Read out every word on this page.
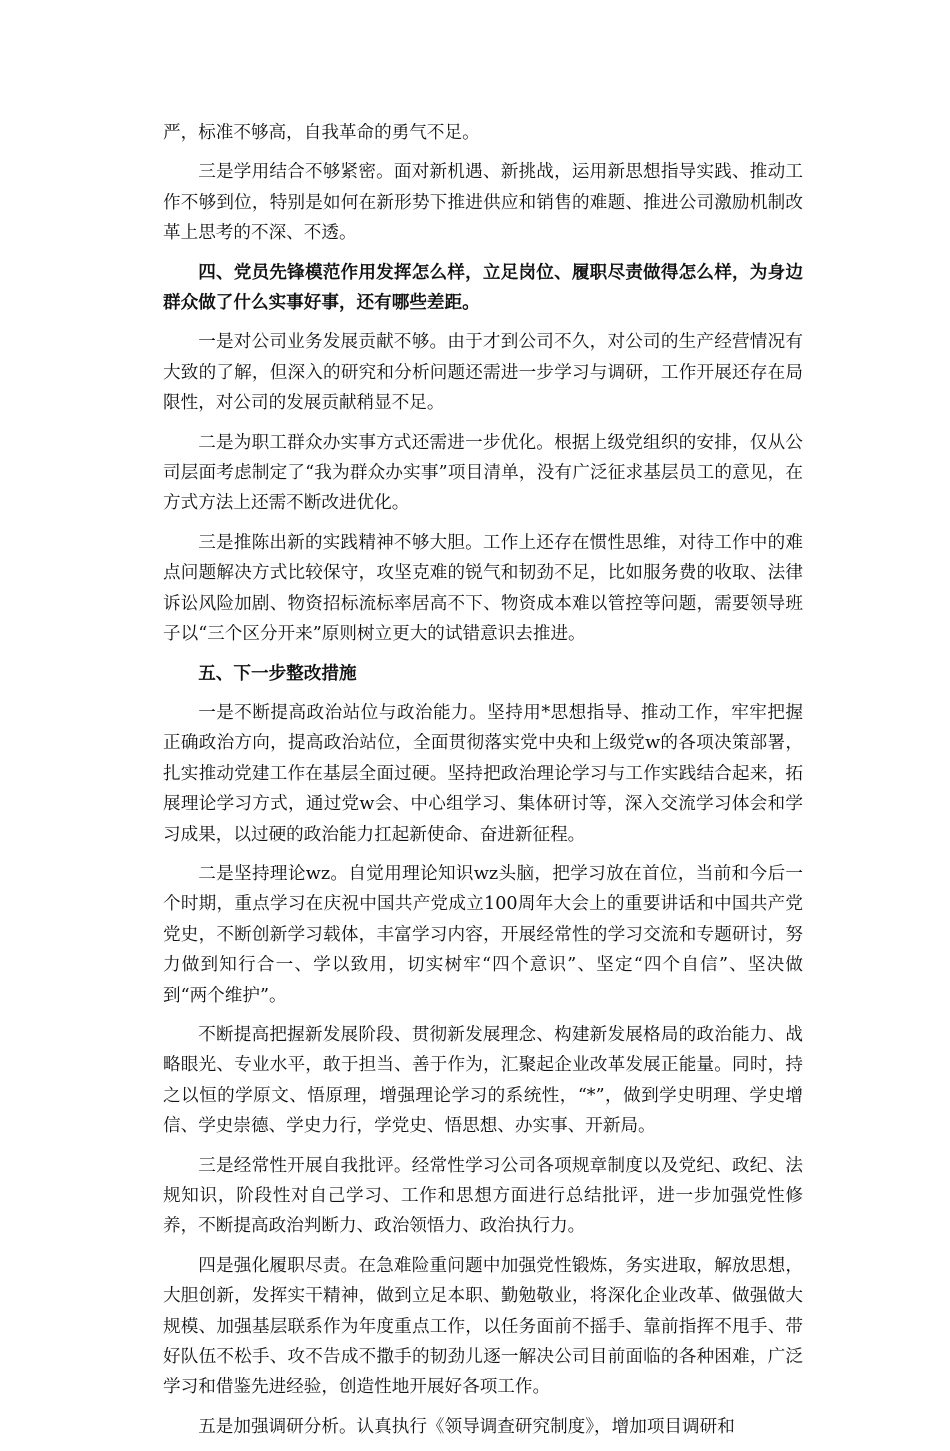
严，标准不够高，自我革命的勇气不足。

三是学用结合不够紧密。面对新机遇、新挑战，运用新思想指导实践、推动工作不够到位，特别是如何在新形势下推进供应和销售的难题、推进公司激励机制改革上思考的不深、不透。

四、党员先锋模范作用发挥怎么样，立足岗位、履职尽责做得怎么样，为身边群众做了什么实事好事，还有哪些差距。

一是对公司业务发展贡献不够。由于才到公司不久，对公司的生产经营情况有大致的了解，但深入的研究和分析问题还需进一步学习与调研，工作开展还存在局限性，对公司的发展贡献稍显不足。

二是为职工群众办实事方式还需进一步优化。根据上级党组织的安排，仅从公司层面考虑制定了“我为群众办实事”项目清单，没有广泛征求基层员工的意见，在方式方法上还需不断改进优化。

三是推陈出新的实践精神不够大胆。工作上还存在惯性思维，对待工作中的难点问题解决方式比较保守，攻坚克难的锐气和韧劲不足，比如服务费的收取、法律诉讼风险加剧、物资招标流标率居高不下、物资成本难以管控等问题，需要领导班子以“三个区分开来”原则树立更大的试错意识去推进。

五、下一步整改措施

一是不断提高政治站位与政治能力。坚持用*思想指导、推动工作，牢牢把握正确政治方向，提高政治站位，全面贯彻落实党中央和上级党w的各项决策部署，扎实推动党建工作在基层全面过硬。坚持把政治理论学习与工作实践结合起来，拓展理论学习方式，通过党w会、中心组学习、集体研讨等，深入交流学习体会和学习成果，以过硬的政治能力扛起新使命、奋进新征程。

二是坚持理论wz。自觉用理论知识wz头脑，把学习放在首位，当前和今后一个时期，重点学习在庆祝中国共产党成立100周年大会上的重要讲话和中国共产党党史，不断创新学习载体，丰富学习内容，开展经常性的学习交流和专题研讨，努力做到知行合一、学以致用，切实树牢“四个意识”、坚定“四个自信”、坚决做到“两个维护”。

不断提高把握新发展阶段、贯彻新发展理念、构建新发展格局的政治能力、战略眼光、专业水平，敢于担当、善于作为，汇聚起企业改革发展正能量。同时，持之以恒的学原文、悟原理，增强理论学习的系统性，“*”，做到学史明理、学史增信、学史崇德、学史力行，学党史、悟思想、办实事、开新局。

三是经常性开展自我批评。经常性学习公司各项规章制度以及党纪、政纪、法规知识，阶段性对自己学习、工作和思想方面进行总结批评，进一步加强党性修养，不断提高政治判断力、政治领悟力、政治执行力。

四是强化履职尽责。在急难险重问题中加强党性锻炼，务实进取，解放思想，大胆创新，发挥实干精神，做到立足本职、勤勉敬业，将深化企业改革、做强做大规模、加强基层联系作为年度重点工作，以任务面前不摇手、靠前指挥不甩手、带好队伍不松手、攻不告成不撒手的韧劲儿逐一解决公司目前面临的各种困难，广泛学习和借鉴先进经验，创造性地开展好各项工作。

五是加强调研分析。认真执行《领导调查研究制度》，增加项目调研和
